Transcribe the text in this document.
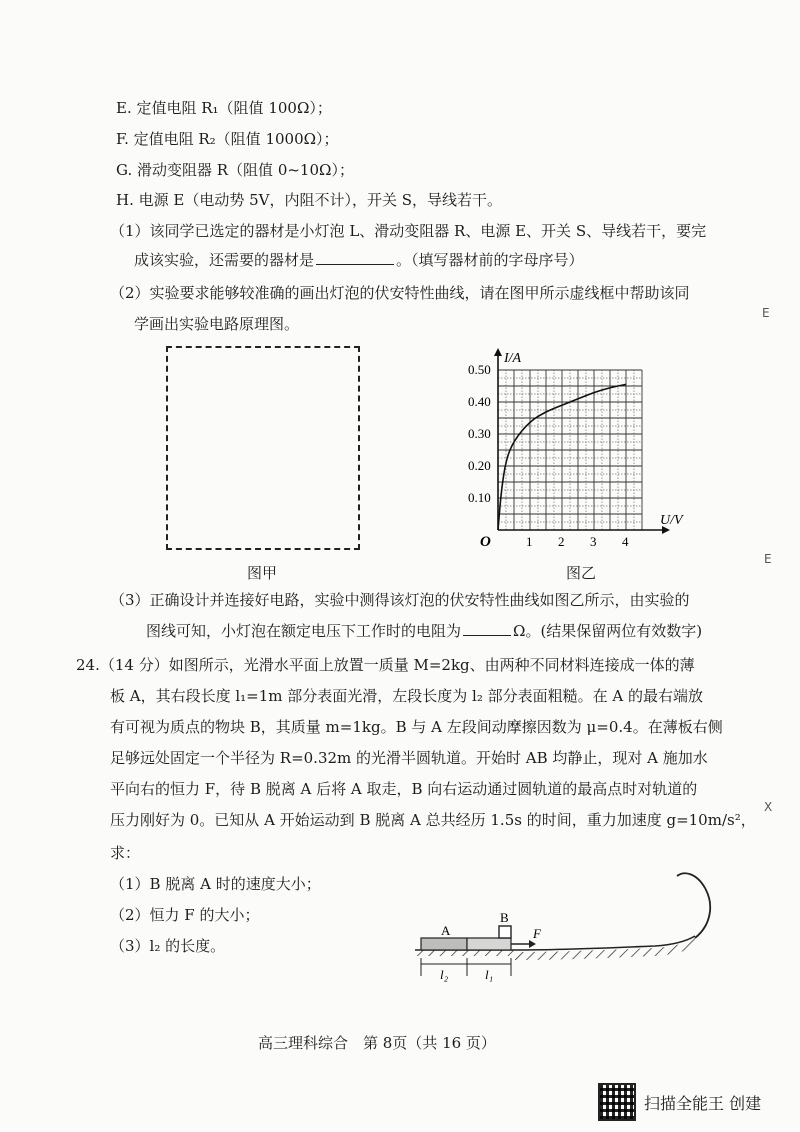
E. 定值电阻 R₁（阻值 100Ω）；
F. 定值电阻 R₂（阻值 1000Ω）；
G. 滑动变阻器 R（阻值 0~10Ω）；
H. 电源 E（电动势 5V，内阻不计），开关 S，导线若干。
（1）该同学已选定的器材是小灯泡 L、滑动变阻器 R、电源 E、开关 S、导线若干，要完
成该实验，还需要的器材是	。（填写器材前的字母序号）
（2）实验要求能够较准确的画出灯泡的伏安特性曲线，请在图甲所示虚线框中帮助该同
学画出实验电路原理图。
图甲
1 2 3 4
0.10
0.20
0.30
0.40
0.50
U/V
I/A
O
图乙
（3）正确设计并连接好电路，实验中测得该灯泡的伏安特性曲线如图乙所示，由实验的
图线可知，小灯泡在额定电压下工作时的电阻为	Ω。(结果保留两位有效数字)
24.（14 分）如图所示，光滑水平面上放置一质量 M=2kg、由两种不同材料连接成一体的薄
板 A，其右段长度 l₁=1m 部分表面光滑，左段长度为 l₂ 部分表面粗糙。在 A 的最右端放
有可视为质点的物块 B，其质量 m=1kg。B 与 A 左段间动摩擦因数为 μ=0.4。在薄板右侧
足够远处固定一个半径为 R=0.32m 的光滑半圆轨道。开始时 AB 均静止，现对 A 施加水
平向右的恒力 F，待 B 脱离 A 后将 A 取走，B 向右运动通过圆轨道的最高点时对轨道的
压力刚好为 0。已知从 A 开始运动到 B 脱离 A 总共经历 1.5s 的时间，重力加速度 g=10m/s²，
求：
（1）B 脱离 A 时的速度大小；
（2）恒力 F 的大小；
（3）l₂ 的长度。
A
B
F
l₂	l₁
高三理科综合　第 8页（共 16 页）
扫描全能王 创建
E
E
X
